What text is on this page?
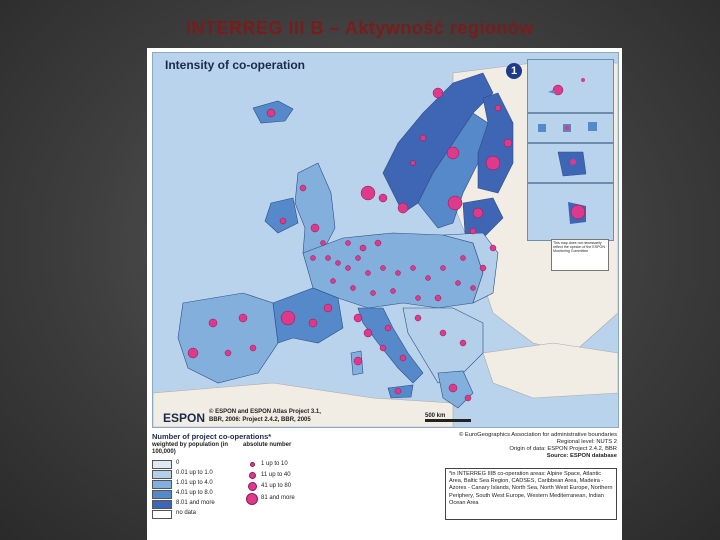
INTERREG III B – Aktywność regionów
Intensity of co-operation	1
This map does not necessarily reflect the opinion of the ESPON Monitoring Committee
ESPON © ESPON and ESPON Atlas Project 3.1,
BBR, 2006: Project 2.4.2, BBR, 2005
500 km
Number of project co-operations*
weighted by population (in 100,000)
absolute number
0
0.01 up to 1.0
1.01 up to 4.0
4.01 up to 8.0
8.01 and more
no data
1 up to 10
11 up to 40
41 up to 80
81 and more
© EuroGeographics Association for administrative boundaries
Regional level: NUTS 2
Origin of data: ESPON Project 2.4.2, BBR
Source: ESPON database
*in INTERREG IIIB co-operation areas: Alpine Space, Atlantic Area, Baltic Sea Region, CADSES, Caribbean Area, Madeira - Azores - Canary Islands, North Sea, North West Europe, Northern Periphery, South West Europe, Western Mediterranean, Indian Ocean Area
